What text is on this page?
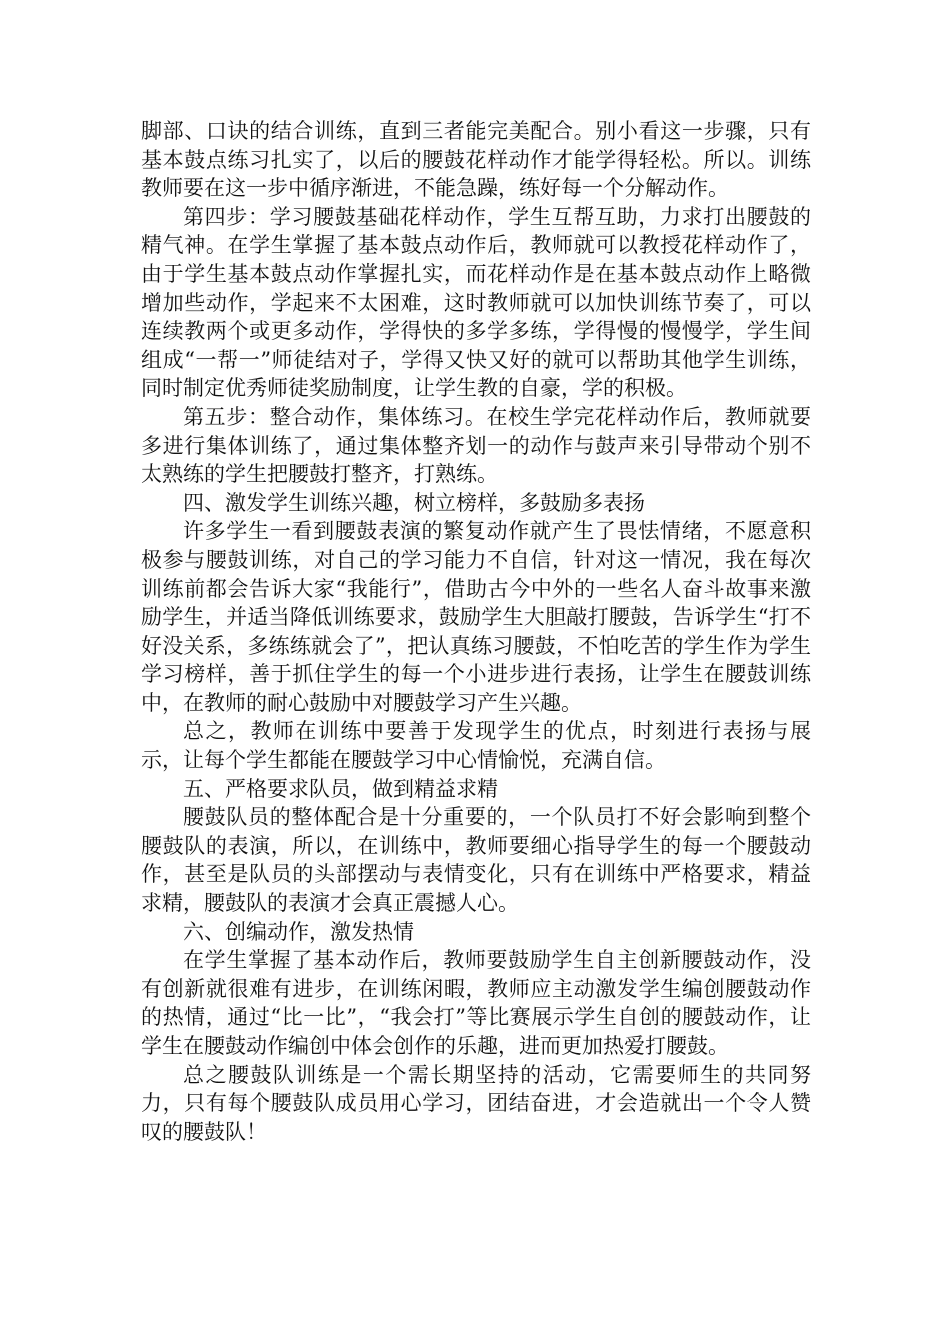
脚部、口诀的结合训练，直到三者能完美配合。别小看这一步骤，只有基本鼓点练习扎实了，以后的腰鼓花样动作才能学得轻松。所以。训练教师要在这一步中循序渐进，不能急躁，练好每一个分解动作。

第四步：学习腰鼓基础花样动作，学生互帮互助，力求打出腰鼓的精气神。在学生掌握了基本鼓点动作后，教师就可以教授花样动作了，由于学生基本鼓点动作掌握扎实，而花样动作是在基本鼓点动作上略微增加些动作，学起来不太困难，这时教师就可以加快训练节奏了，可以连续教两个或更多动作，学得快的多学多练，学得慢的慢慢学，学生间组成“一帮一”师徒结对子，学得又快又好的就可以帮助其他学生训练，同时制定优秀师徒奖励制度，让学生教的自豪，学的积极。

第五步：整合动作，集体练习。在校生学完花样动作后，教师就要多进行集体训练了，通过集体整齐划一的动作与鼓声来引导带动个别不太熟练的学生把腰鼓打整齐，打熟练。

四、激发学生训练兴趣，树立榜样，多鼓励多表扬

许多学生一看到腰鼓表演的繁复动作就产生了畏怯情绪，不愿意积极参与腰鼓训练，对自己的学习能力不自信，针对这一情况，我在每次训练前都会告诉大家“我能行”，借助古今中外的一些名人奋斗故事来激励学生，并适当降低训练要求，鼓励学生大胆敲打腰鼓，告诉学生“打不好没关系，多练练就会了”，把认真练习腰鼓，不怕吃苦的学生作为学生学习榜样，善于抓住学生的每一个小进步进行表扬，让学生在腰鼓训练中，在教师的耐心鼓励中对腰鼓学习产生兴趣。

总之，教师在训练中要善于发现学生的优点，时刻进行表扬与展示，让每个学生都能在腰鼓学习中心情愉悦，充满自信。

五、严格要求队员，做到精益求精

腰鼓队员的整体配合是十分重要的，一个队员打不好会影响到整个腰鼓队的表演，所以，在训练中，教师要细心指导学生的每一个腰鼓动作，甚至是队员的头部摆动与表情变化，只有在训练中严格要求，精益求精，腰鼓队的表演才会真正震撼人心。

六、创编动作，激发热情

在学生掌握了基本动作后，教师要鼓励学生自主创新腰鼓动作，没有创新就很难有进步，在训练闲暇，教师应主动激发学生编创腰鼓动作的热情，通过“比一比”，“我会打”等比赛展示学生自创的腰鼓动作，让学生在腰鼓动作编创中体会创作的乐趣，进而更加热爱打腰鼓。

总之腰鼓队训练是一个需长期坚持的活动，它需要师生的共同努力，只有每个腰鼓队成员用心学习，团结奋进，才会造就出一个令人赞叹的腰鼓队！
